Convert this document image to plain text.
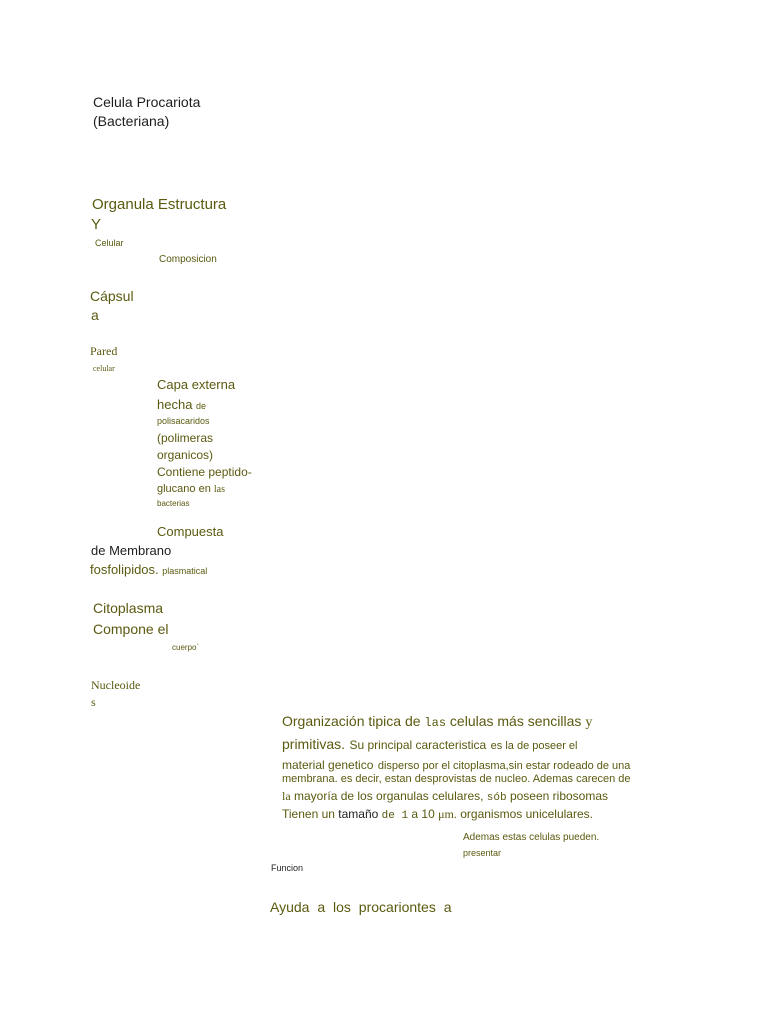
Celula Procariota
(Bacteriana)
Organula Estructura
Y
Celular
Composicion
Cápsul
a
Pared
celular
Capa externa
hecha de
polisacaridos
(polimeras
organicos)
Contiene peptido-
glucano en las
bacterias
Compuesta
de Membrano
fosfolipidos. plasmatical
Citoplasma
Compone el
cuerpo`
Nucleoide
s
Organización tipica de las celulas más sencillas y
primitivas. Su principal caracteristica es la de poseer el
material genetico disperso por el citoplasma,sin estar rodeado de una
membrana. es decir, estan desprovistas de nucleo. Ademas carecen de
la mayoría de los organulas celulares, sób poseen ribosomas
Tienen un tamaño de 1 a 10 μm. organismos unicelulares.
Ademas estas celulas pueden.
presentar
Funcion
Ayuda a los procariontes a
